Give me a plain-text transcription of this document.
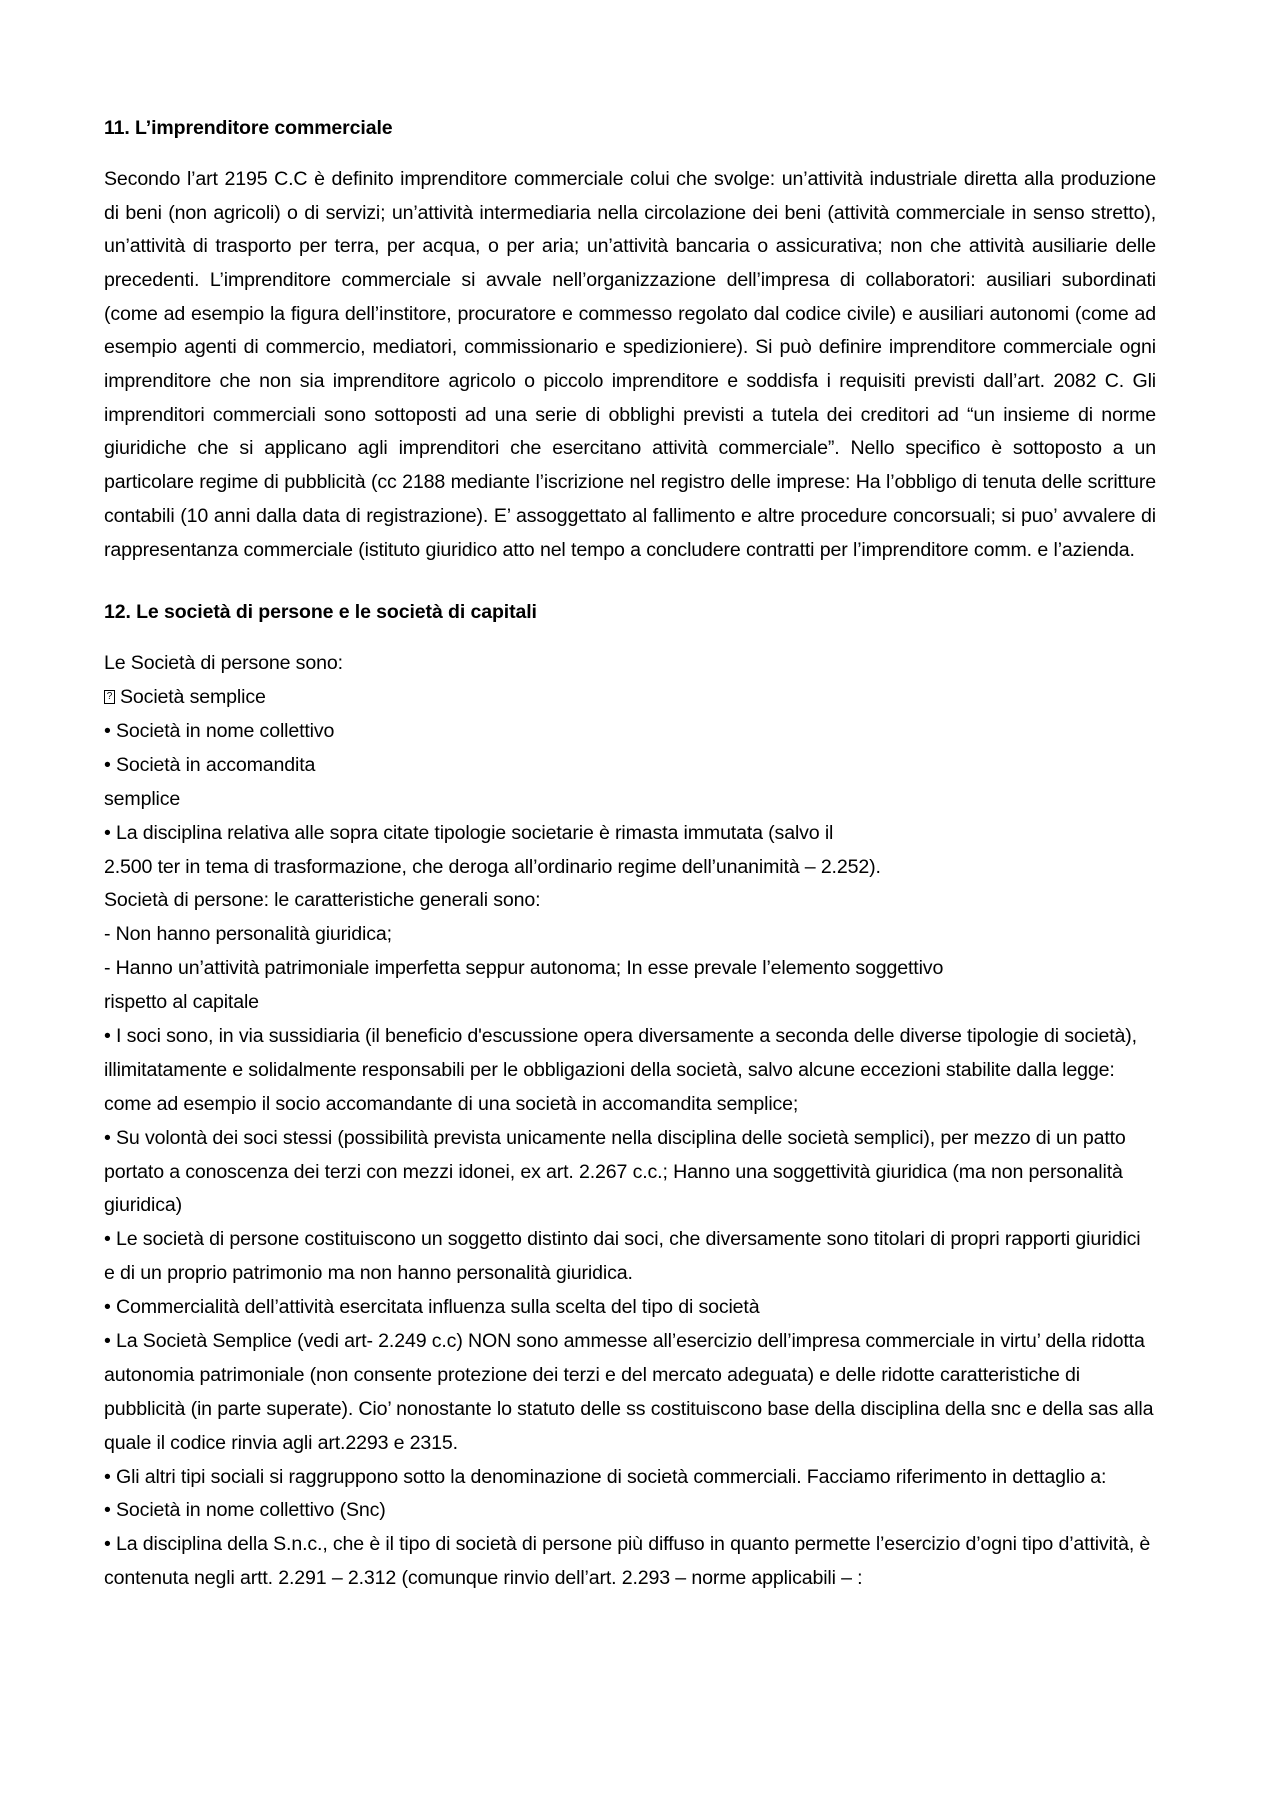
11. L’imprenditore commerciale

Secondo l’art 2195 C.C è definito imprenditore commerciale colui che svolge: un’attività industriale diretta alla produzione di beni (non agricoli) o di servizi; un’attività intermediaria nella circolazione dei beni (attività commerciale in senso stretto), un’attività di trasporto per terra, per acqua, o per aria; un’attività bancaria o assicurativa; non che attività ausiliarie delle precedenti. L’imprenditore commerciale si avvale nell’organizzazione dell’impresa di collaboratori: ausiliari subordinati (come ad esempio la figura dell’institore, procuratore e commesso regolato dal codice civile) e ausiliari autonomi (come ad esempio agenti di commercio, mediatori, commissionario e spedizioniere). Si può definire imprenditore commerciale ogni imprenditore che non sia imprenditore agricolo o piccolo imprenditore e soddisfa i requisiti previsti dall’art. 2082 C. Gli imprenditori commerciali sono sottoposti ad una serie di obblighi previsti a tutela dei creditori ad “un insieme di norme giuridiche che si applicano agli imprenditori che esercitano attività commerciale”. Nello specifico è sottoposto a un particolare regime di pubblicità (cc 2188 mediante l’iscrizione nel registro delle imprese: Ha l’obbligo di tenuta delle scritture contabili (10 anni dalla data di registrazione). E’ assoggettato al fallimento e altre procedure concorsuali; si puo’ avvalere di rappresentanza commerciale (istituto giuridico atto nel tempo a concludere contratti per l’imprenditore comm. e l’azienda.

12. Le società di persone e le società di capitali
Le Società di persone sono:
?Società semplice
• Società in nome collettivo
• Società in accomandita
semplice
• La disciplina relativa alle sopra citate tipologie societarie è rimasta immutata (salvo il
2.500 ter in tema di trasformazione, che deroga all’ordinario regime dell’unanimità – 2.252).
Società di persone: le caratteristiche generali sono:
- Non hanno personalità giuridica;
- Hanno un’attività patrimoniale imperfetta seppur autonoma; In esse prevale l’elemento soggettivo
rispetto al capitale
• I soci sono, in via sussidiaria (il beneficio d'escussione opera diversamente a seconda delle diverse tipologie di società), illimitatamente e solidalmente responsabili per le obbligazioni della società, salvo alcune eccezioni stabilite dalla legge: come ad esempio il socio accomandante di una società in accomandita semplice;
• Su volontà dei soci stessi (possibilità prevista unicamente nella disciplina delle società semplici), per mezzo di un patto portato a conoscenza dei terzi con mezzi idonei, ex art. 2.267 c.c.; Hanno una soggettività giuridica (ma non personalità giuridica)
• Le società di persone costituiscono un soggetto distinto dai soci, che diversamente sono titolari di propri rapporti giuridici e di un proprio patrimonio ma non hanno personalità giuridica.
• Commercialità dell’attività esercitata influenza sulla scelta del tipo di società
• La Società Semplice (vedi art- 2.249 c.c) NON sono ammesse all’esercizio dell’impresa commerciale in virtu’ della ridotta autonomia patrimoniale (non consente protezione dei terzi e del mercato adeguata) e delle ridotte caratteristiche di pubblicità (in parte superate). Cio’ nonostante lo statuto delle ss costituiscono base della disciplina della snc e della sas alla quale il codice rinvia agli art.2293 e 2315.
• Gli altri tipi sociali si raggruppono sotto la denominazione di società commerciali. Facciamo riferimento in dettaglio a:
• Società in nome collettivo (Snc)
• La disciplina della S.n.c., che è il tipo di società di persone più diffuso in quanto permette l’esercizio d’ogni tipo d’attività, è contenuta negli artt. 2.291 – 2.312 (comunque rinvio dell’art. 2.293 – norme applicabili – :
